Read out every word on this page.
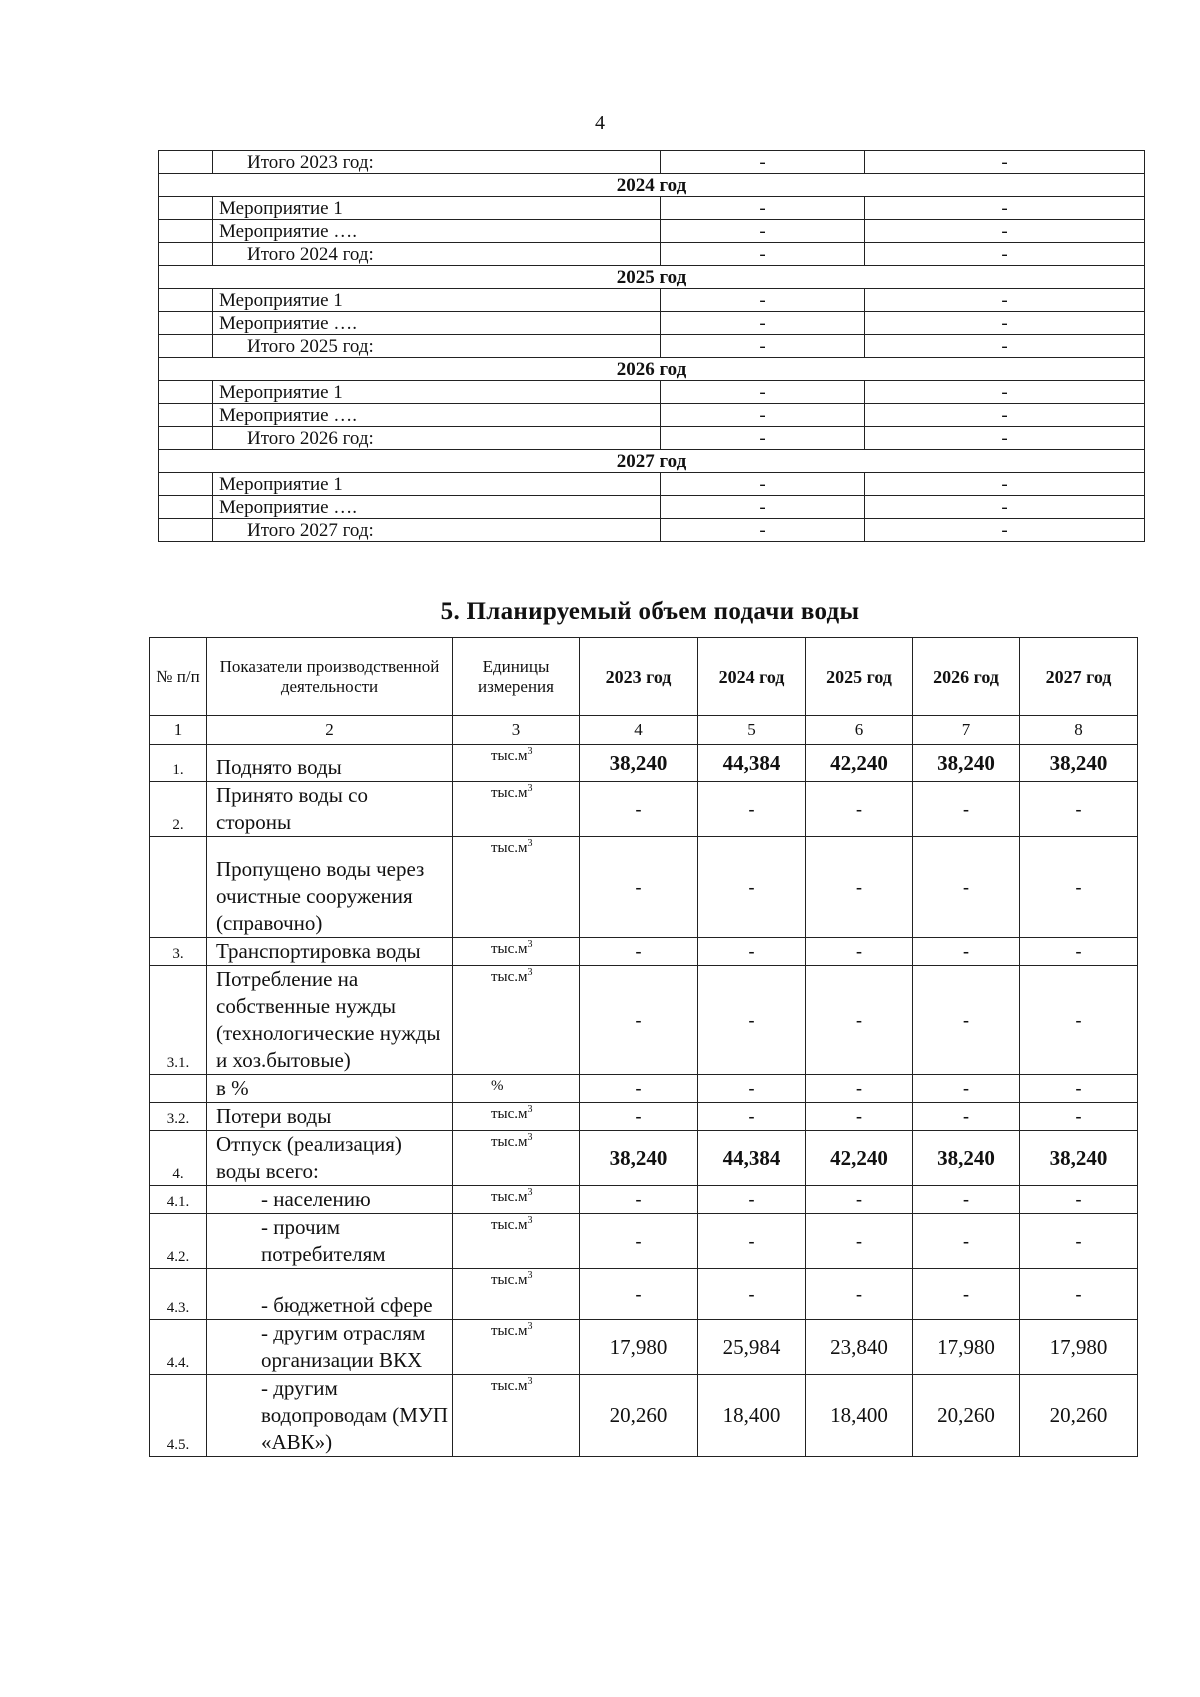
4
	Итого 2023 год:	-	-
2024 год			
	Мероприятие 1	-	-
	Мероприятие ….	-	-
	Итого 2024 год:	-	-
2025 год			
	Мероприятие 1	-	-
	Мероприятие ….	-	-
	Итого 2025 год:	-	-
2026 год			
	Мероприятие 1	-	-
	Мероприятие ….	-	-
	Итого 2026 год:	-	-
2027 год			
	Мероприятие 1	-	-
	Мероприятие ….	-	-
	Итого 2027 год:	-	-
5. Планируемый объем подачи воды
№ п/п	Показатели производственной деятельности	Единицы измерения	2023 год	2024 год	2025 год	2026 год	2027 год
1	2	3	4	5	6	7	8
1.	Поднято воды	$тыс.м^3$	38,240	44,384	42,240	38,240	38,240
2.	Принято воды со стороны	$тыс.м^3$	-	-	-	-	-
	Пропущено воды через очистные сооружения (справочно)	$тыс.м^3$	-	-	-	-	-
3.	Транспортировка воды	$тыс.м^3$	-	-	-	-	-
3.1.	Потребление на собственные нужды (технологические нужды и хоз.бытовые)	$тыс.м^3$	-	-	-	-	-
	в %	%	-	-	-	-	-
3.2.	Потери воды	$тыс.м^3$	-	-	-	-	-
4.	Отпуск (реализация) воды всего:	$тыс.м^3$	38,240	44,384	42,240	38,240	38,240
4.1.	- населению	$тыс.м^3$	-	-	-	-	-
4.2.	- прочим потребителям	$тыс.м^3$	-	-	-	-	-
4.3.	- бюджетной сфере	$тыс.м^3$	-	-	-	-	-
4.4.	- другим отраслям организации ВКХ	$тыс.м^3$	17,980	25,984	23,840	17,980	17,980
4.5.	- другим водопроводам (МУП «АВК»)	$тыс.м^3$	20,260	18,400	18,400	20,260	20,260
